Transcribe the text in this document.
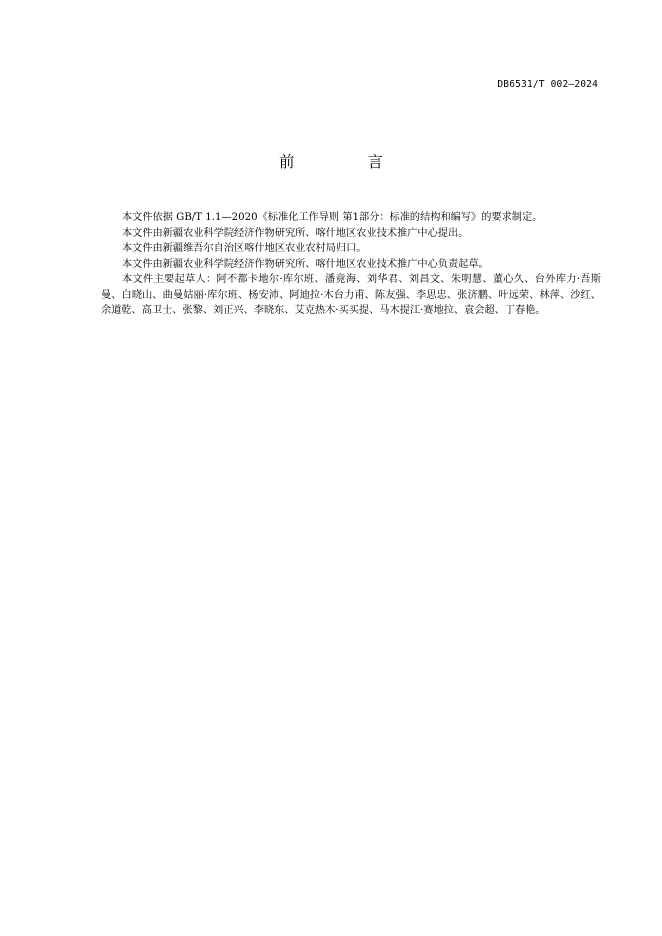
DB6531/T 002—2024
前 言

本文件依据 GB/T 1.1—2020《标准化工作导则 第1部分：标准的结构和编写》的要求制定。

本文件由新疆农业科学院经济作物研究所、喀什地区农业技术推广中心提出。

本文件由新疆维吾尔自治区喀什地区农业农村局归口。

本文件由新疆农业科学院经济作物研究所、喀什地区农业技术推广中心负责起草。

本文件主要起草人：阿不都卡地尔·库尔班、潘竟海、刘华君、刘昌文、朱明慧、董心久、台外库力·吾斯曼、白晓山、曲曼姑丽·库尔班、杨安沛、阿迪拉·木台力甫、陈友强、李思忠、张济鹏、叶远荣、林萍、沙红、余道乾、高卫士、张黎、刘正兴、李晓东、艾克热木·买买提、马木提江·赛地拉、袁会超、丁春艳。
